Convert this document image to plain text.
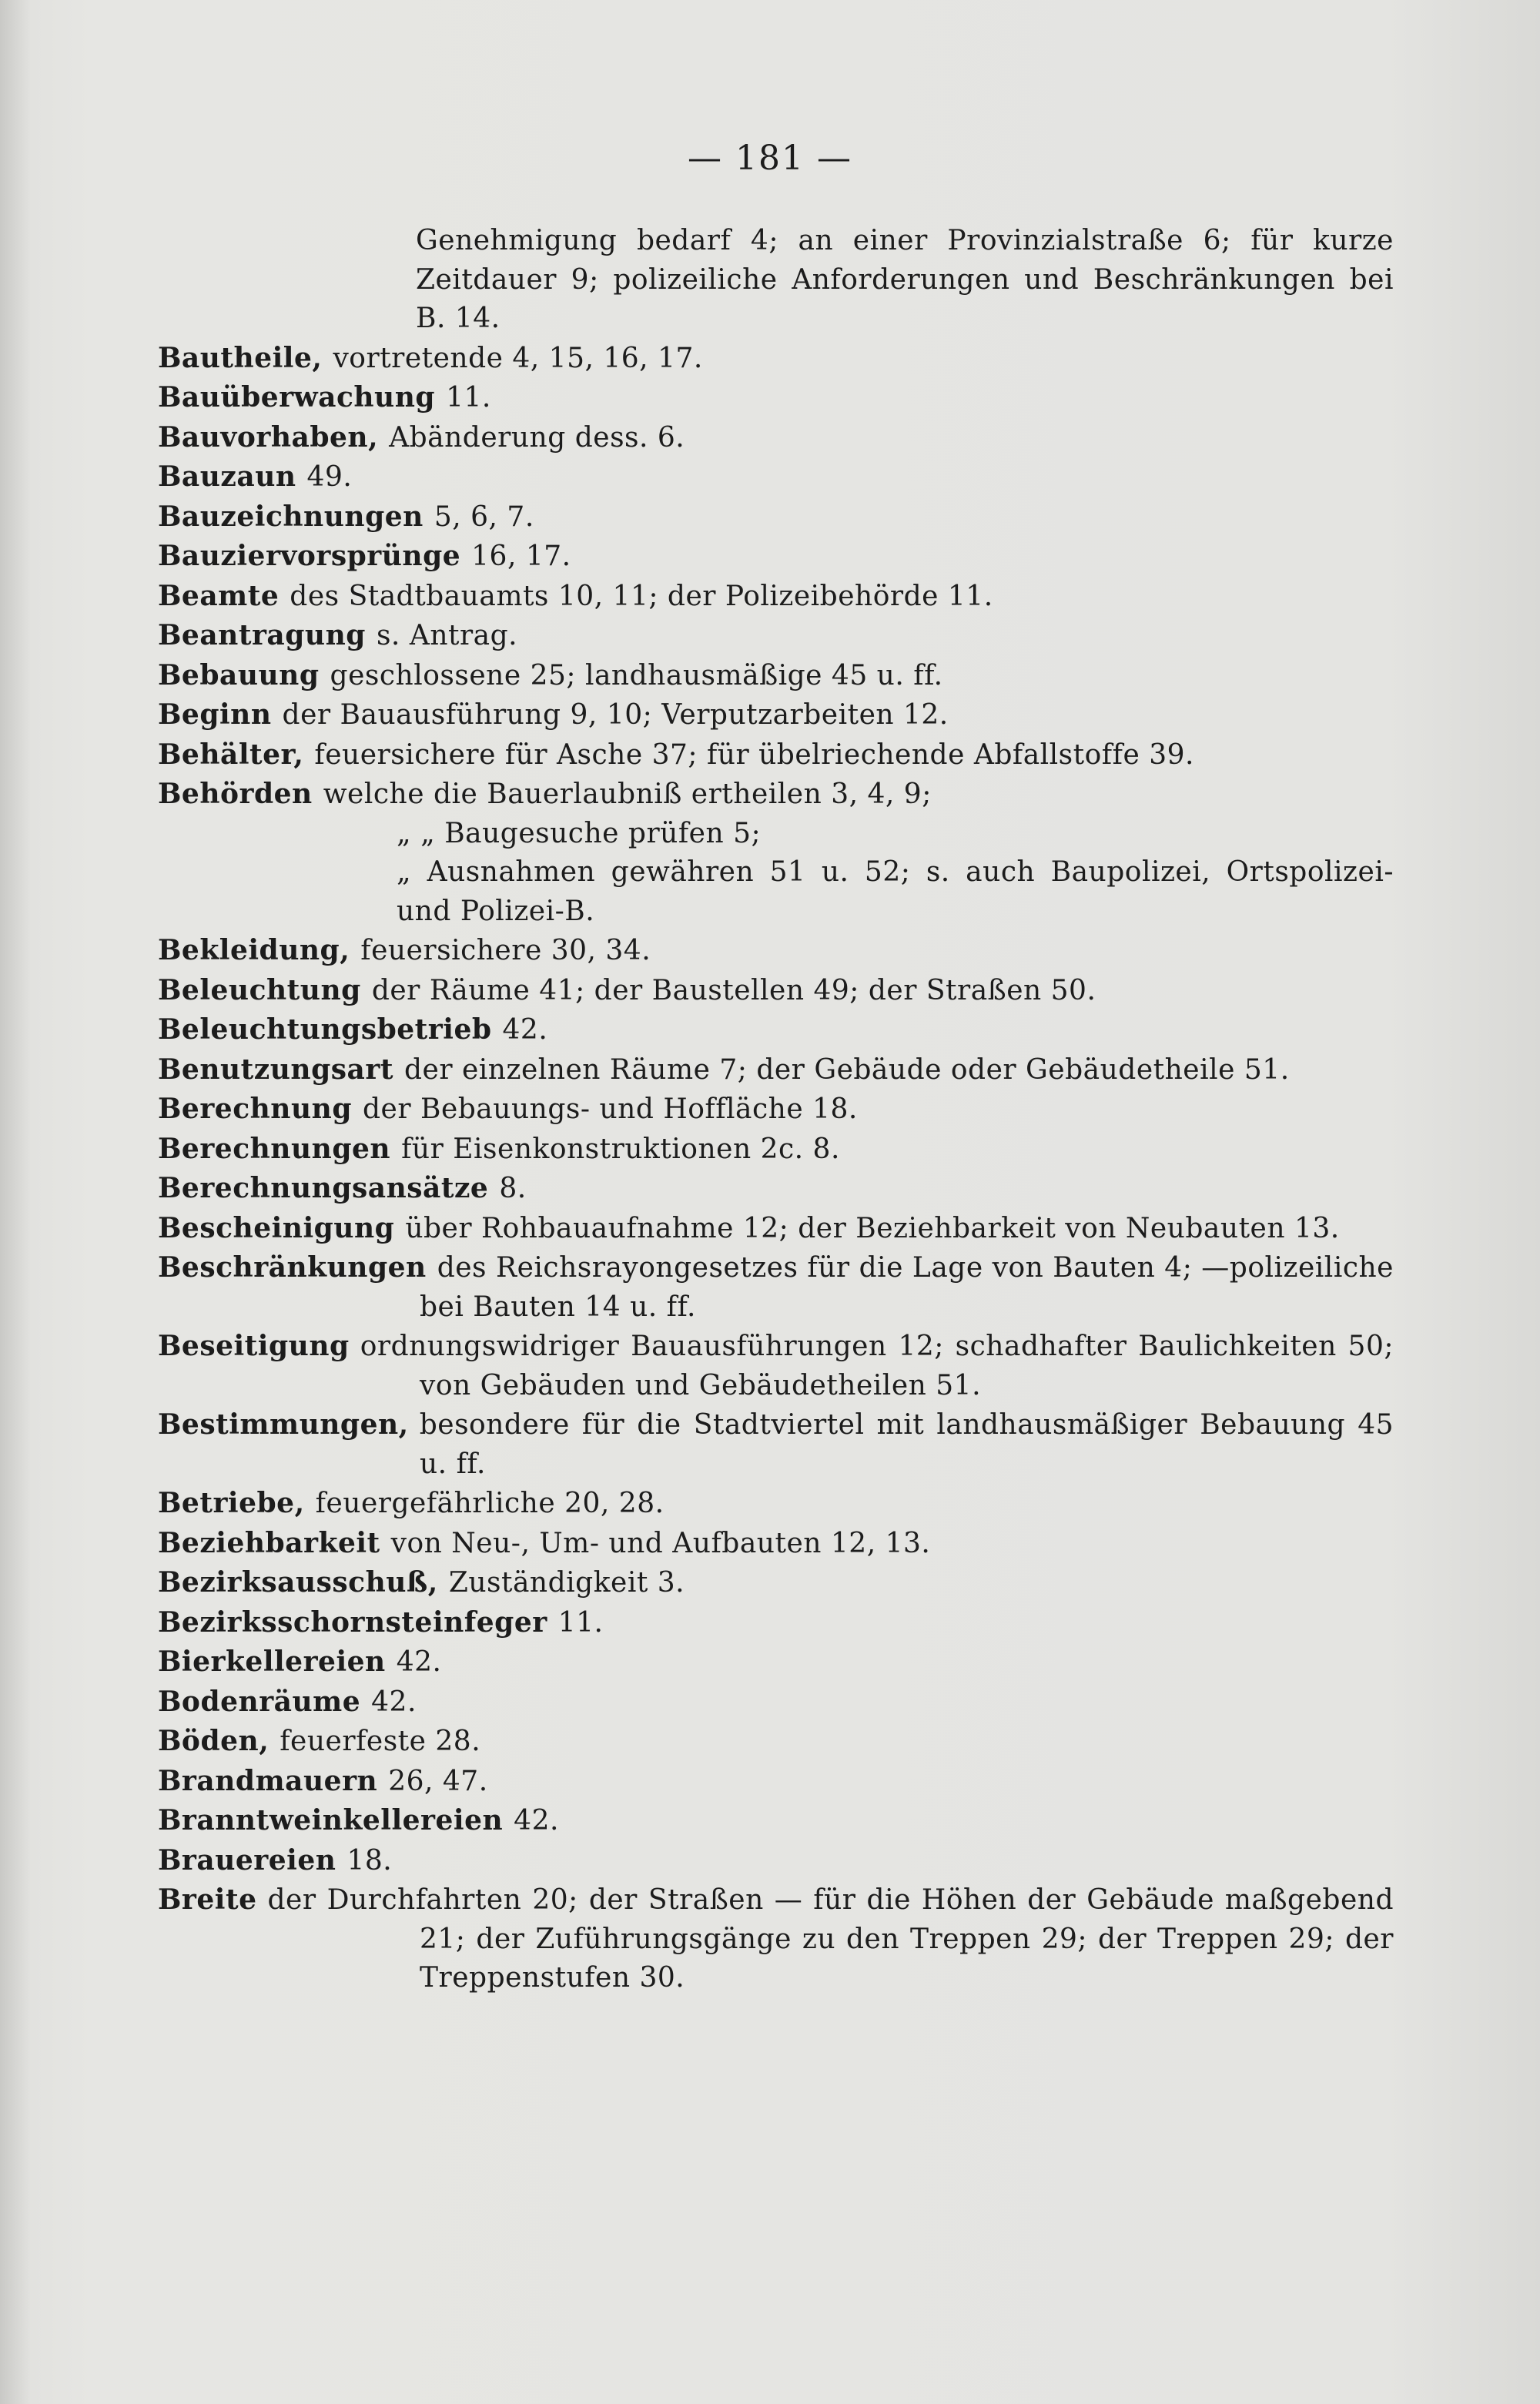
— 181 —
Genehmigung bedarf 4; an einer Provinzialstraße 6; für kurze Zeitdauer 9; polizeiliche Anforderungen und Beschränkungen bei B. 14.
Bautheile, vortretende 4, 15, 16, 17.
Bauüberwachung 11.
Bauvorhaben, Abänderung dess. 6.
Bauzaun 49.
Bauzeichnungen 5, 6, 7.
Bauziervorsprünge 16, 17.
Beamte des Stadtbauamts 10, 11; der Polizeibehörde 11.
Beantragung s. Antrag.
Bebauung geschlossene 25; landhausmäßige 45 u. ff.
Beginn der Bauausführung 9, 10; Verputzarbeiten 12.
Behälter, feuersichere für Asche 37; für übelriechende Abfallstoffe 39.
Behörden welche die Bauerlaubniß ertheilen 3, 4, 9;
„ „ Baugesuche prüfen 5;
„ Ausnahmen gewähren 51 u. 52; s. auch Baupolizei, Ortspolizei- und Polizei-B.
Bekleidung, feuersichere 30, 34.
Beleuchtung der Räume 41; der Baustellen 49; der Straßen 50.
Beleuchtungsbetrieb 42.
Benutzungsart der einzelnen Räume 7; der Gebäude oder Gebäudetheile 51.
Berechnung der Bebauungs- und Hoffläche 18.
Berechnungen für Eisenkonstruktionen 2c. 8.
Berechnungsansätze 8.
Bescheinigung über Rohbauaufnahme 12; der Beziehbarkeit von Neubauten 13.
Beschränkungen des Reichsrayongesetzes für die Lage von Bauten 4; —polizeiliche bei Bauten 14 u. ff.
Beseitigung ordnungswidriger Bauausführungen 12; schadhafter Baulichkeiten 50; von Gebäuden und Gebäudetheilen 51.
Bestimmungen, besondere für die Stadtviertel mit landhausmäßiger Bebauung 45 u. ff.
Betriebe, feuergefährliche 20, 28.
Beziehbarkeit von Neu-, Um- und Aufbauten 12, 13.
Bezirksausschuß, Zuständigkeit 3.
Bezirksschornsteinfeger 11.
Bierkellereien 42.
Bodenräume 42.
Böden, feuerfeste 28.
Brandmauern 26, 47.
Branntweinkellereien 42.
Brauereien 18.
Breite der Durchfahrten 20; der Straßen — für die Höhen der Gebäude maßgebend 21; der Zuführungsgänge zu den Treppen 29; der Treppen 29; der Treppenstufen 30.
